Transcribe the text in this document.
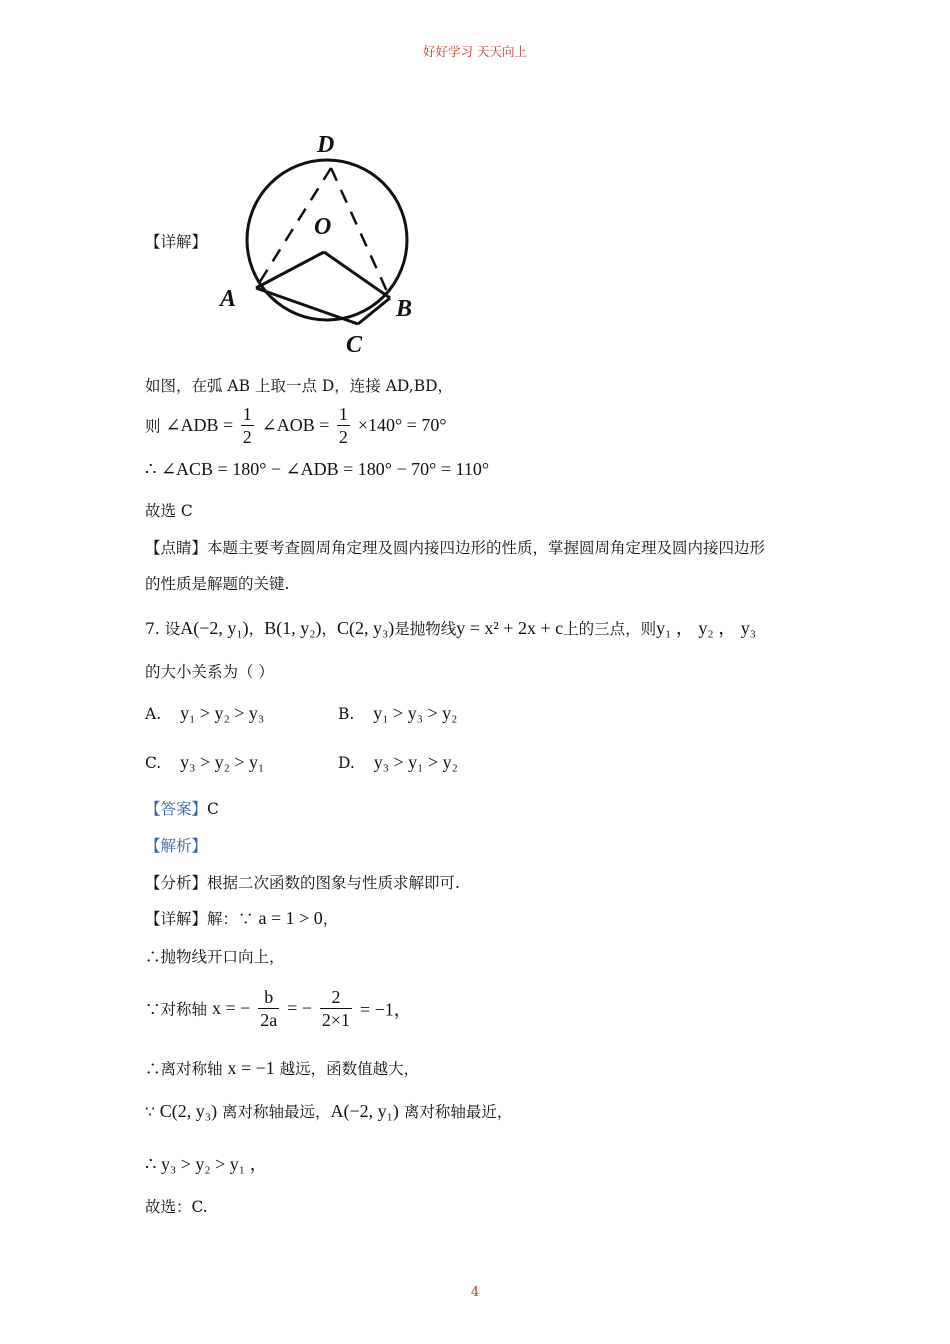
好好学习 天天向上
【详解】
D
O
A	B
C
如图，在弧 AB 上取一点 D，连接 AD,BD，
则 ∠ADB = $\frac{1}{2}$ ∠AOB = $\frac{1}{2} \times 140^\circ = 70^\circ$
∴ ∠ACB = 180° − ∠ADB = 180° − 70° = 110°
故选 C
【点睛】本题主要考查圆周角定理及圆内接四边形的性质，掌握圆周角定理及圆内接四边形
的性质是解题的关键.
7. 设A(−2, y₁)，B(1, y₂)，C(2, y₃)是抛物线y = x² + 2x + c上的三点，则y₁ ， y₂ ， y₃
的大小关系为（ ）
A. y₁ > y₂ > y₃	B. y₁ > y₃ > y₂
C. y₃ > y₂ > y₁	D. y₃ > y₁ > y₂
【答案】C
【解析】
【分析】根据二次函数的图象与性质求解即可.
【详解】解：∵ a = 1 > 0，
∴抛物线开口向上，
∵对称轴 x = − $\frac{b}{2a}$ = − $\frac{2}{2\times 1} = -1$，
∴离对称轴 x = −1 越远，函数值越大，
∵ C(2, y₃) 离对称轴最远，A(−2, y₁) 离对称轴最近，
∴ y₃ > y₂ > y₁ ，
故选：C.
4
